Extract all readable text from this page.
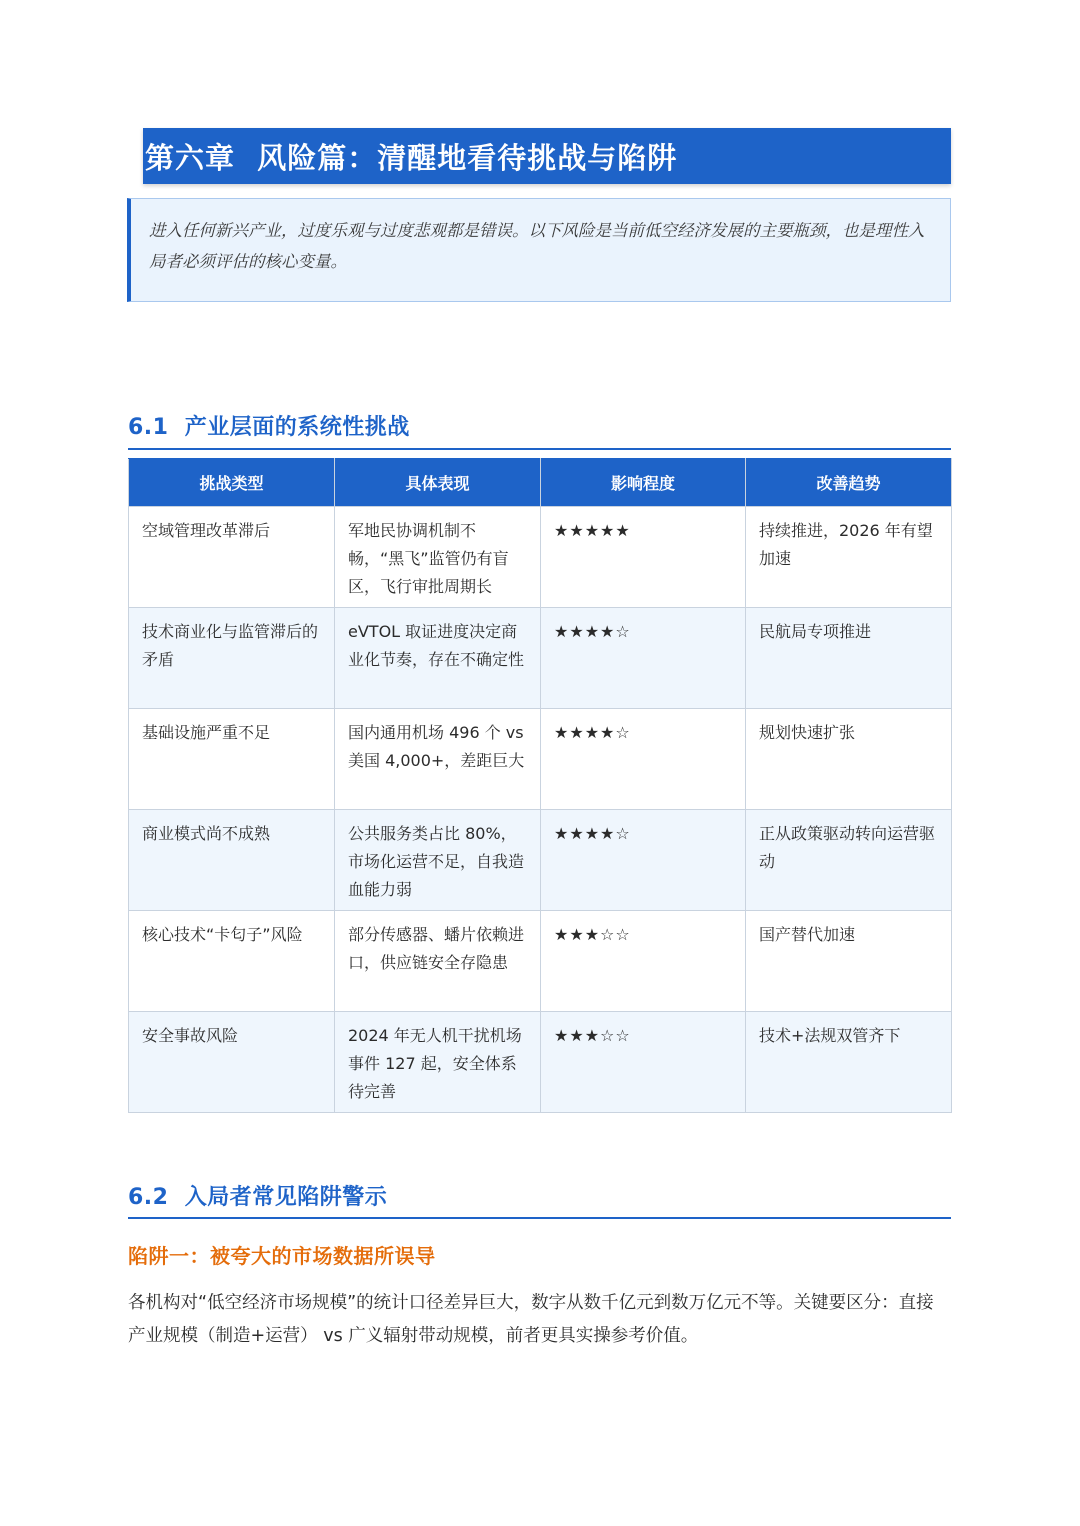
第六章  风险篇：清醒地看待挑战与陷阱

进入任何新兴产业，过度乐观与过度悲观都是错误。以下风险是当前低空经济发展的主要瓶颈，也是理性入局者必须评估的核心变量。

6.1  产业层面的系统性挑战
挑战类型	具体表现	影响程度	改善趋势
空域管理改革滞后	军地民协调机制不畅，“黑飞”监管仍有盲区，飞行审批周期长	★★★★★	持续推进，2026 年有望加速
技术商业化与监管滞后的矛盾	eVTOL 取证进度决定商业化节奏，存在不确定性	★★★★☆	民航局专项推进
基础设施严重不足	国内通用机场 496 个 vs 美国 4,000+，差距巨大	★★★★☆	规划快速扩张
商业模式尚不成熟	公共服务类占比 80%，市场化运营不足，自我造血能力弱	★★★★☆	正从政策驱动转向运营驱动
核心技术“卡匂子”风险	部分传感器、蟠片依赖进口，供应链安全存隐患	★★★☆☆	国产替代加速
安全事故风险	2024 年无人机干扰机场事件 127 起，安全体系待完善	★★★☆☆	技术+法规双管齐下
6.2  入局者常见陷阱警示
陷阱一：被夸大的市场数据所误导

各机构对“低空经济市场规模”的统计口径差异巨大，数字从数千亿元到数万亿元不等。关键要区分：直接产业规模（制造+运营） vs 广义辐射带动规模，前者更具实操参考价值。
